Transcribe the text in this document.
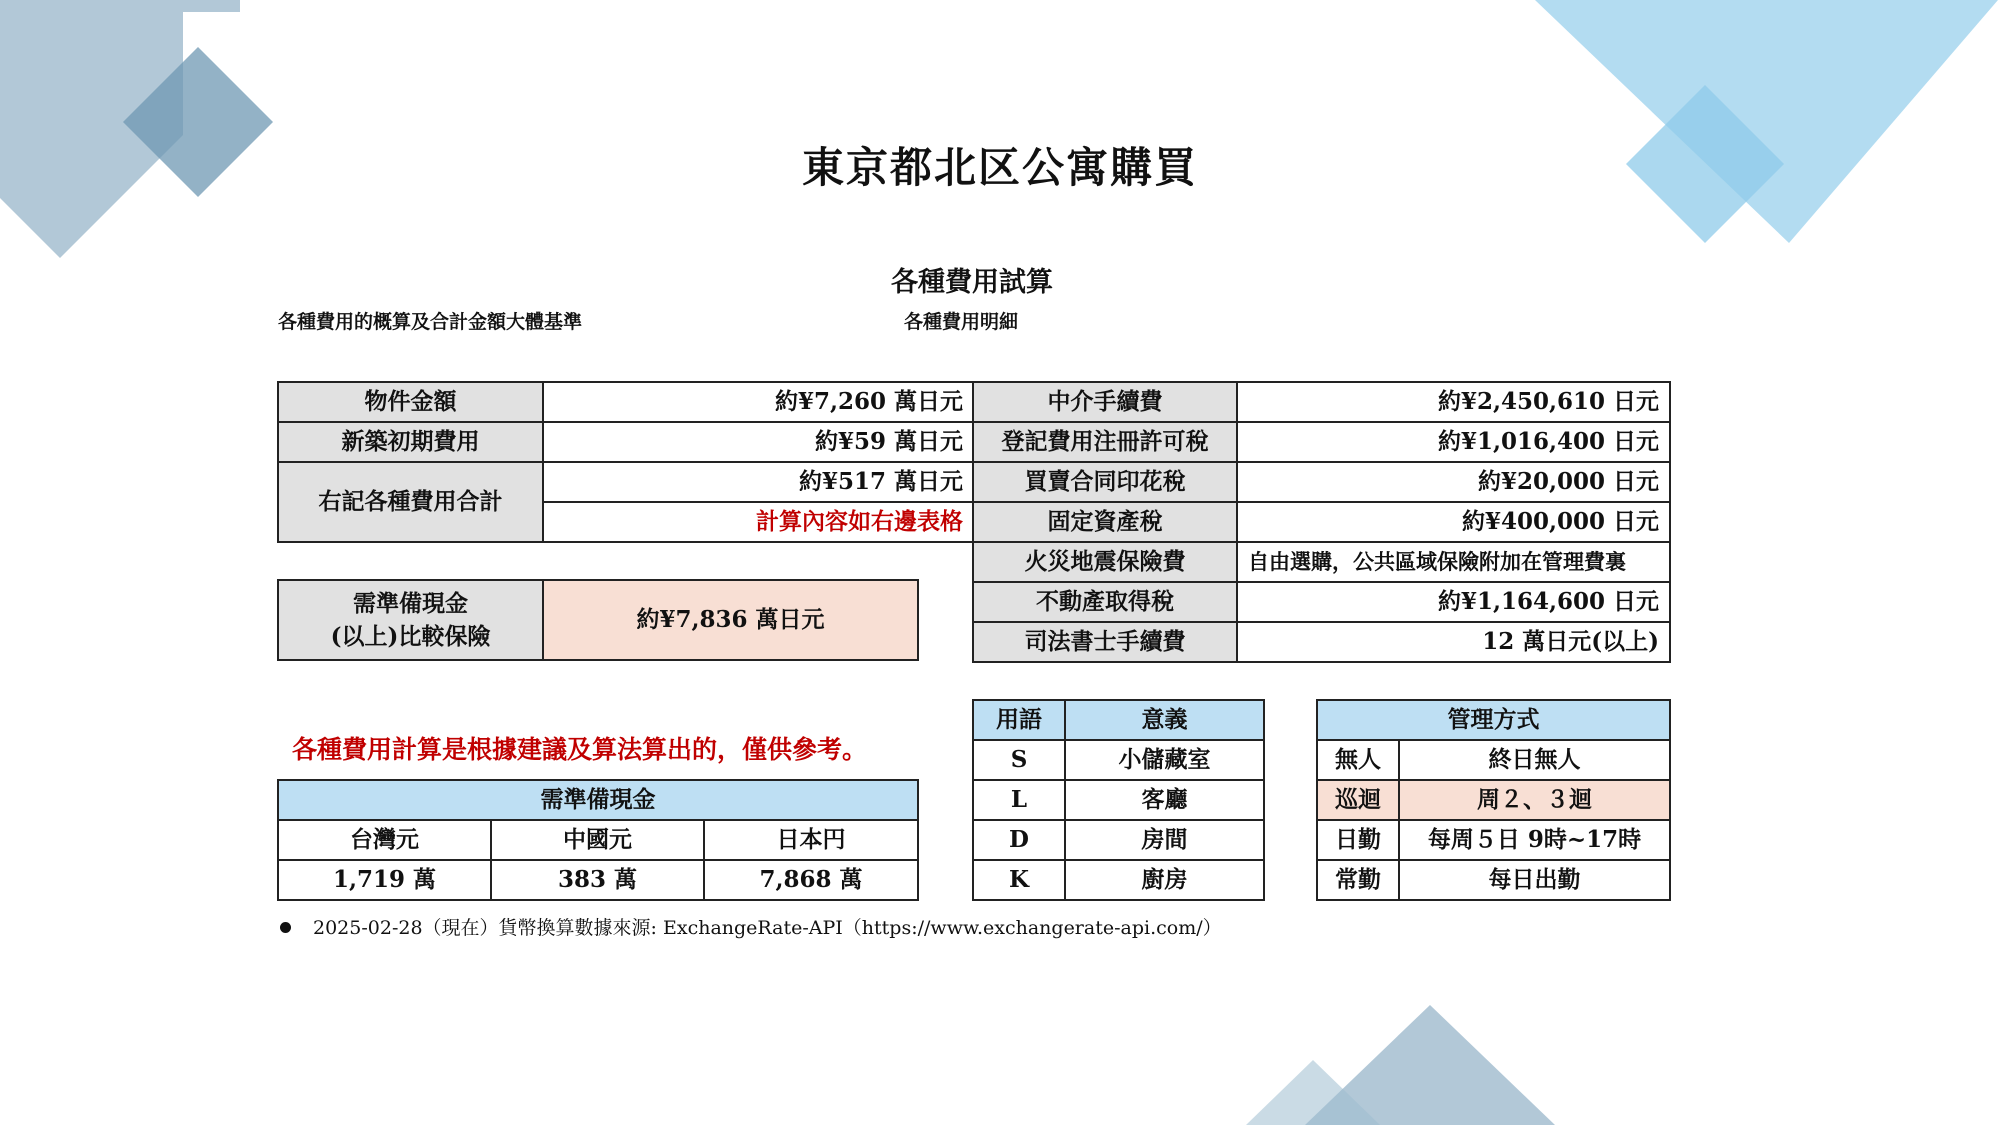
東京都北区公寓購買
各種費用試算
各種費用的概算及合計金額大體基準	各種費用明細
物件金額	約¥7,260 萬日元
新築初期費用	約¥59 萬日元
右記各種費用合計	約¥517 萬日元
	計算內容如右邊表格
需準備現金
(以上)比較保險
	約¥7,836 萬日元
中介手續費	約¥2,450,610 日元
登記費用注冊許可稅	約¥1,016,400 日元
買賣合同印花稅	約¥20,000 日元
固定資產稅	約¥400,000 日元
火災地震保險費	自由選購，公共區域保險附加在管理費裏
不動產取得稅	約¥1,164,600 日元
司法書士手續費	12 萬日元(以上)
各種費用計算是根據建議及算法算出的，僅供參考。
需準備現金		
台灣元	中國元	日本円
1,719 萬	383 萬	7,868 萬
用語	意義
S	小儲藏室
L	客廳
D	房間
K	廚房
管理方式	
無人	終日無人
巡迴	周２、３迴
日勤	每周５日 9時~17時
常勤	每日出勤
2025-02-28（現在）貨幣換算數據來源: ExchangeRate-API（https://www.exchangerate-api.com/）
